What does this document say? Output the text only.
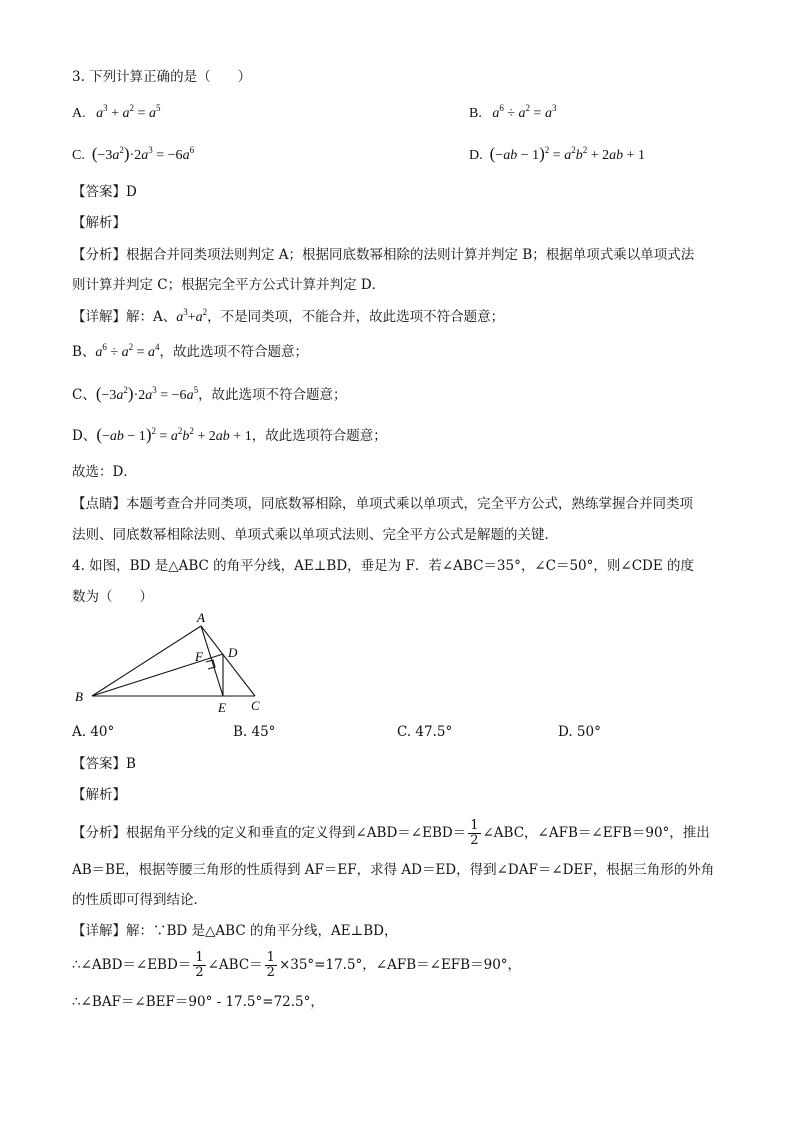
3. 下列计算正确的是（　　）
A. $a^3 + a^2 = a^5$	B. $a^6 \div a^2 = a^3$
C. $(-3a^2)\cdot 2a^3 = -6a^6$	D. $(-ab - 1)^2 = a^2b^2 + 2ab + 1$
【答案】D
【解析】
【分析】根据合并同类项法则判定 A；根据同底数幂相除的法则计算并判定 B；根据单项式乘以单项式法
则计算并判定 C；根据完全平方公式计算并判定 D．
【详解】解：A、$a^3+a^2$，不是同类项，不能合并，故此选项不符合题意；
B、$a^6 \div a^2 = a^4$，故此选项不符合题意；
C、$(-3a^2)\cdot 2a^3 = -6a^5$，故此选项不符合题意；
D、$(-ab - 1)^2 = a^2b^2 + 2ab + 1$，故此选项符合题意；
故选：D．
【点睛】本题考查合并同类项，同底数幂相除，单项式乘以单项式，完全平方公式，熟练掌握合并同类项
法则、同底数幂相除法则、单项式乘以单项式法则、完全平方公式是解题的关键．
4. 如图，BD 是△ABC 的角平分线，AE⊥BD，垂足为 F．若∠ABC＝35°，∠C＝50°，则∠CDE 的度
数为（　　）
A
B
C
D
E
F
A. 40°	B. 45°	C. 47.5°	D. 50°
【答案】B
【解析】
【分析】根据角平分线的定义和垂直的定义得到∠ABD＝∠EBD＝ $\frac{1}{2}$ ∠ABC，∠AFB＝∠EFB＝90°，推出
AB＝BE，根据等腰三角形的性质得到 AF＝EF，求得 AD＝ED，得到∠DAF＝∠DEF，根据三角形的外角
的性质即可得到结论．
【详解】解：∵BD 是△ABC 的角平分线，AE⊥BD，
∴∠ABD＝∠EBD＝ $\frac{1}{2}$ ∠ABC＝ $\frac{1}{2} \times 35^\circ=17.5^\circ$，∠AFB＝∠EFB＝90°，
∴∠BAF＝∠BEF＝90° - 17.5°=72.5°，
